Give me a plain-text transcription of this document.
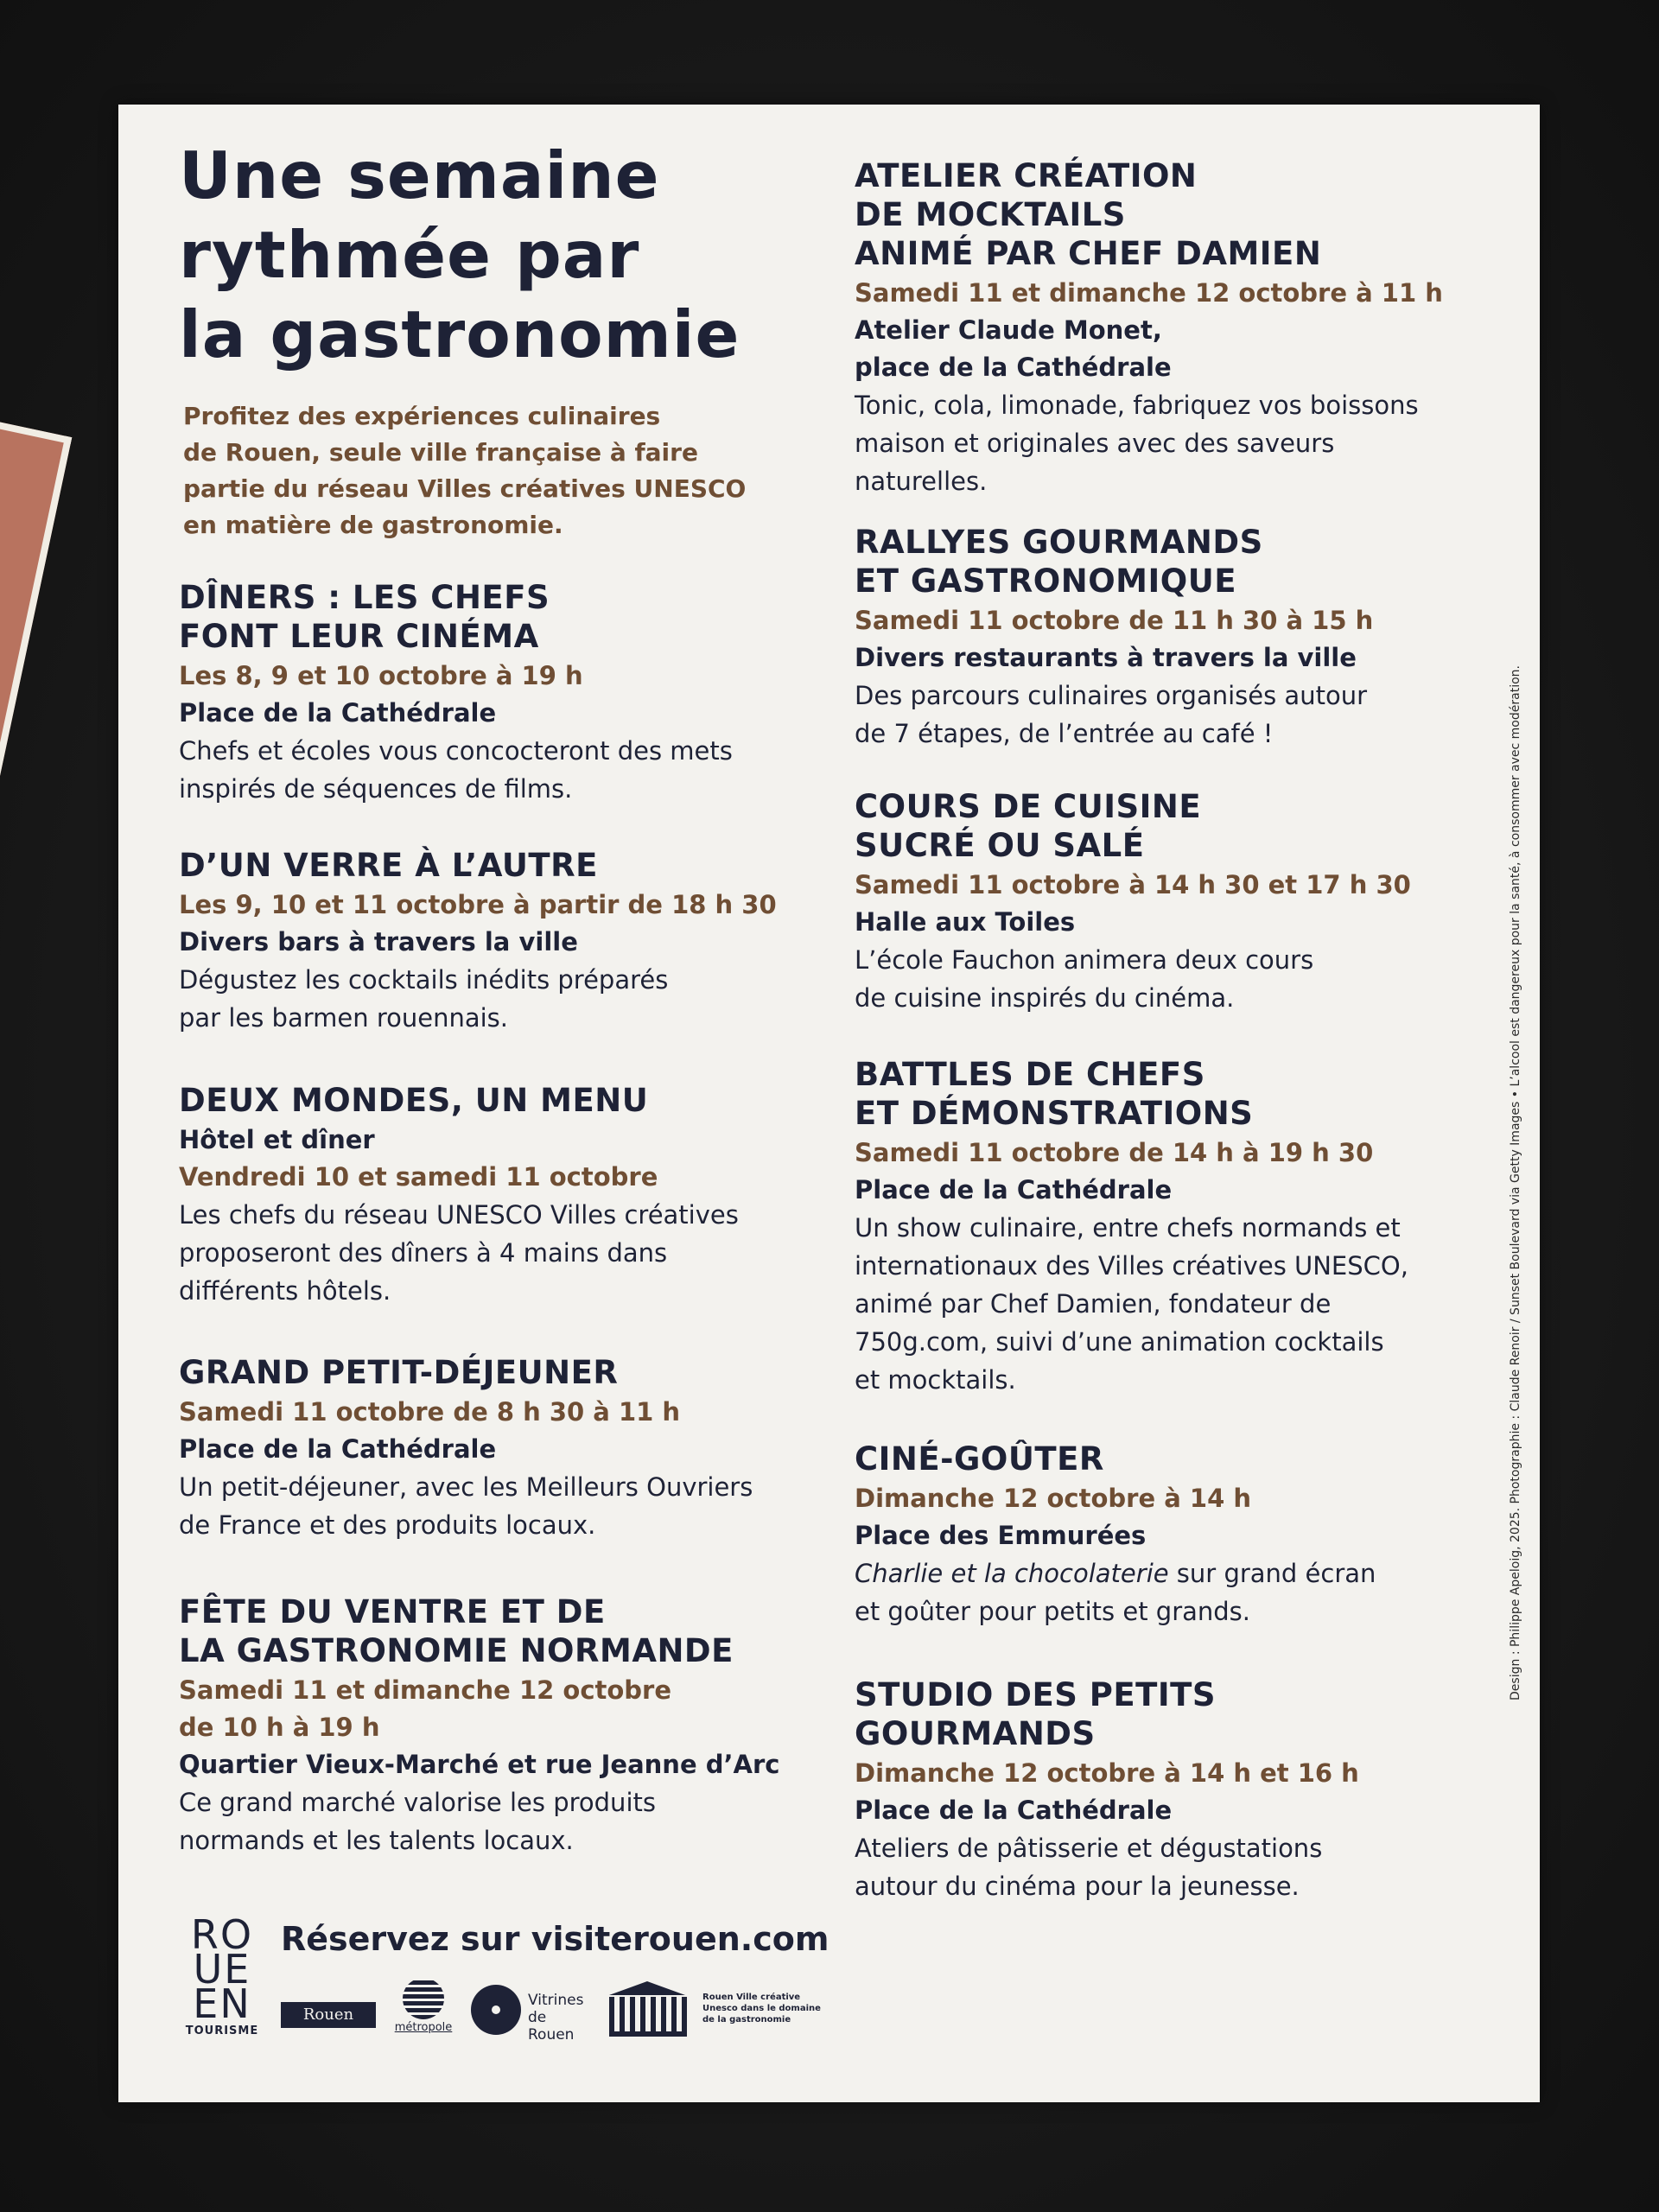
Une semaine
rythmée par
la gastronomie

Profitez des expériences culinaires
de Rouen, seule ville française à faire
partie du réseau Villes créatives UNESCO
en matière de gastronomie.

DÎNERS : LES CHEFS
FONT LEUR CINÉMA

Les 8, 9 et 10 octobre à 19 h

Place de la Cathédrale

Chefs et écoles vous concocteront des mets
inspirés de séquences de films.

D’UN VERRE À L’AUTRE

Les 9, 10 et 11 octobre à partir de 18 h 30

Divers bars à travers la ville

Dégustez les cocktails inédits préparés
par les barmen rouennais.

DEUX MONDES, UN MENU

Hôtel et dîner

Vendredi 10 et samedi 11 octobre

Les chefs du réseau UNESCO Villes créatives
proposeront des dîners à 4 mains dans
différents hôtels.

GRAND PETIT-DÉJEUNER

Samedi 11 octobre de 8 h 30 à 11 h

Place de la Cathédrale

Un petit-déjeuner, avec les Meilleurs Ouvriers
de France et des produits locaux.

FÊTE DU VENTRE ET DE
LA GASTRONOMIE NORMANDE

Samedi 11 et dimanche 12 octobre
de 10 h à 19 h

Quartier Vieux-Marché et rue Jeanne d’Arc

Ce grand marché valorise les produits
normands et les talents locaux.

ATELIER CRÉATION
DE MOCKTAILS
ANIMÉ PAR CHEF DAMIEN

Samedi 11 et dimanche 12 octobre à 11 h

Atelier Claude Monet,
place de la Cathédrale

Tonic, cola, limonade, fabriquez vos boissons
maison et originales avec des saveurs
naturelles.

RALLYES GOURMANDS
ET GASTRONOMIQUE

Samedi 11 octobre de 11 h 30 à 15 h

Divers restaurants à travers la ville

Des parcours culinaires organisés autour
de 7 étapes, de l’entrée au café !

COURS DE CUISINE
SUCRÉ OU SALÉ

Samedi 11 octobre à 14 h 30 et 17 h 30

Halle aux Toiles

L’école Fauchon animera deux cours
de cuisine inspirés du cinéma.

BATTLES DE CHEFS
ET DÉMONSTRATIONS

Samedi 11 octobre de 14 h à 19 h 30

Place de la Cathédrale

Un show culinaire, entre chefs normands et
internationaux des Villes créatives UNESCO,
animé par Chef Damien, fondateur de
750g.com, suivi d’une animation cocktails
et mocktails.

CINÉ-GOÛTER

Dimanche 12 octobre à 14 h

Place des Emmurées

Charlie et la chocolaterie sur grand écran
et goûter pour petits et grands.

STUDIO DES PETITS
GOURMANDS

Dimanche 12 octobre à 14 h et 16 h

Place de la Cathédrale

Ateliers de pâtisserie et dégustations
autour du cinéma pour la jeunesse.

RO
UE
EN
TOURISME

Réservez sur visiterouen.com

Rouen
métropole
Vitrines
de Rouen
Rouen Ville créative
Unesco dans le domaine
de la gastronomie
Design : Philippe Apeloig, 2025. Photographie : Claude Renoir / Sunset Boulevard via Getty Images • L’alcool est dangereux pour la santé, à consommer avec modération.
